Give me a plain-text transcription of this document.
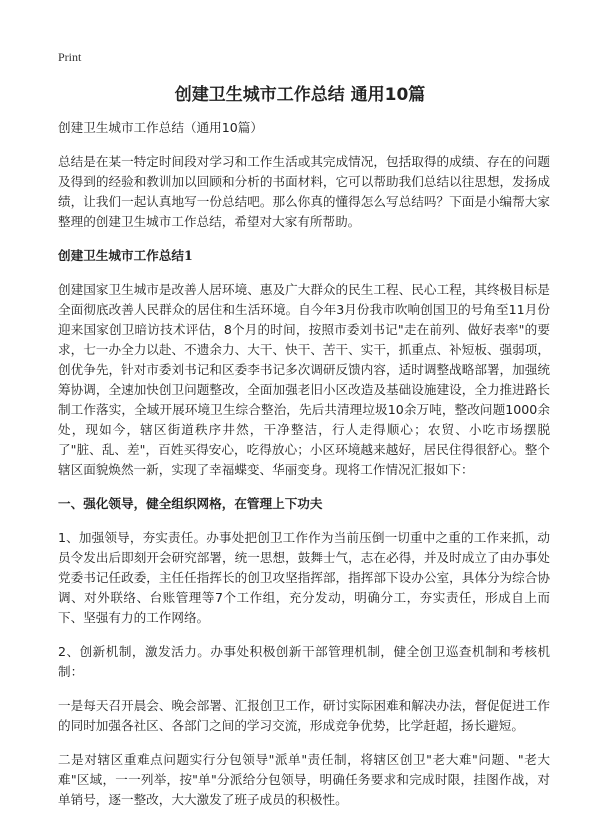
Print
创建卫生城市工作总结 通用10篇

创建卫生城市工作总结（通用10篇）

总结是在某一特定时间段对学习和工作生活或其完成情况，包括取得的成绩、存在的问题及得到的经验和教训加以回顾和分析的书面材料，它可以帮助我们总结以往思想，发扬成绩，让我们一起认真地写一份总结吧。那么你真的懂得怎么写总结吗？下面是小编帮大家整理的创建卫生城市工作总结，希望对大家有所帮助。

创建卫生城市工作总结1

创建国家卫生城市是改善人居环境、惠及广大群众的民生工程、民心工程，其终极目标是全面彻底改善人民群众的居住和生活环境。自今年3月份我市吹响创国卫的号角至11月份迎来国家创卫暗访技术评估，8个月的时间，按照市委刘书记"走在前列、做好表率"的要求，七一办全力以赴、不遗余力、大干、快干、苦干、实干，抓重点、补短板、强弱项，创优争先，针对市委刘书记和区委李书记多次调研反馈内容，适时调整战略部署，加强统筹协调，全速加快创卫问题整改，全面加强老旧小区改造及基础设施建设，全力推进路长制工作落实，全域开展环境卫生综合整治，先后共清理垃圾10余万吨，整改问题1000余处，现如今，辖区街道秩序井然，干净整洁，行人走得顺心；农贸、小吃市场摆脱了"脏、乱、差"，百姓买得安心，吃得放心；小区环境越来越好，居民住得很舒心。整个辖区面貌焕然一新，实现了幸福蝶变、华丽变身。现将工作情况汇报如下：

一、强化领导，健全组织网格，在管理上下功夫

1、加强领导，夯实责任。办事处把创卫工作作为当前压倒一切重中之重的工作来抓，动员令发出后即刻开会研究部署，统一思想，鼓舞士气，志在必得，并及时成立了由办事处党委书记任政委，主任任指挥长的创卫攻坚指挥部，指挥部下设办公室，具体分为综合协调、对外联络、台账管理等7个工作组，充分发动，明确分工，夯实责任，形成自上而下、坚强有力的工作网络。

2、创新机制，激发活力。办事处积极创新干部管理机制，健全创卫巡查机制和考核机制：

一是每天召开晨会、晚会部署、汇报创卫工作，研讨实际困难和解决办法，督促促进工作的同时加强各社区、各部门之间的学习交流，形成竞争优势，比学赶超，扬长避短。

二是对辖区重难点问题实行分包领导"派单"责任制，将辖区创卫"老大难"问题、"老大难"区域，一一列举，按"单"分派给分包领导，明确任务要求和完成时限，挂图作战，对单销号，逐一整改，大大激发了班子成员的积极性。
